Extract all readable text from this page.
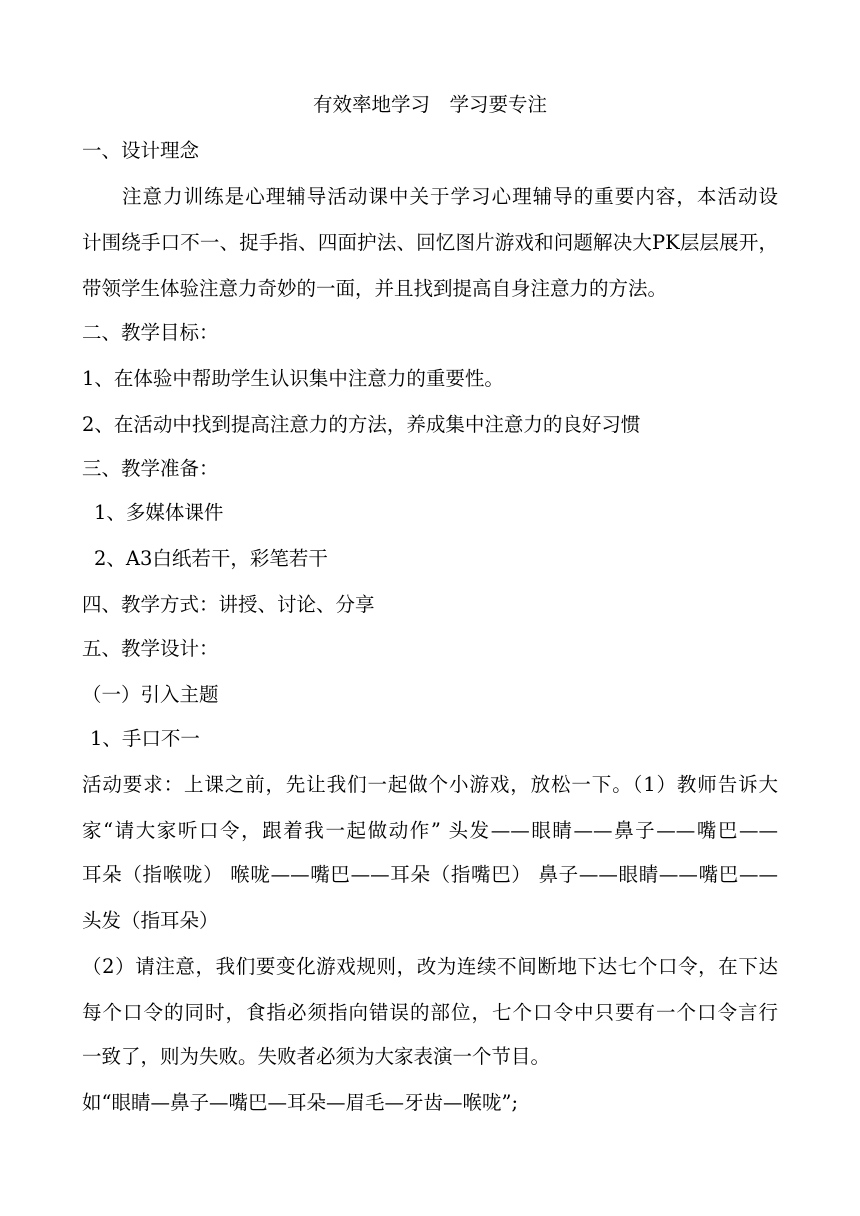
有效率地学习　学习要专注
一、设计理念
注意力训练是心理辅导活动课中关于学习心理辅导的重要内容，本活动设
计围绕手口不一、捉手指、四面护法、回忆图片游戏和问题解决大PK层层展开，
带领学生体验注意力奇妙的一面，并且找到提高自身注意力的方法。
二、教学目标：
1、在体验中帮助学生认识集中注意力的重要性。
2、在活动中找到提高注意力的方法，养成集中注意力的良好习惯
三、教学准备：
1、多媒体课件
2、A3白纸若干，彩笔若干
四、教学方式：讲授、讨论、分享
五、教学设计：
（一）引入主题
1、手口不一
活动要求：上课之前，先让我们一起做个小游戏，放松一下。（1）教师告诉大
家“请大家听口令，跟着我一起做动作” 头发——眼睛——鼻子——嘴巴——
耳朵（指喉咙） 喉咙——嘴巴——耳朵（指嘴巴） 鼻子——眼睛——嘴巴——
头发（指耳朵）
（2）请注意，我们要变化游戏规则，改为连续不间断地下达七个口令，在下达
每个口令的同时，食指必须指向错误的部位，七个口令中只要有一个口令言行
一致了，则为失败。失败者必须为大家表演一个节目。
如“眼睛—鼻子—嘴巴—耳朵—眉毛—牙齿—喉咙”;
